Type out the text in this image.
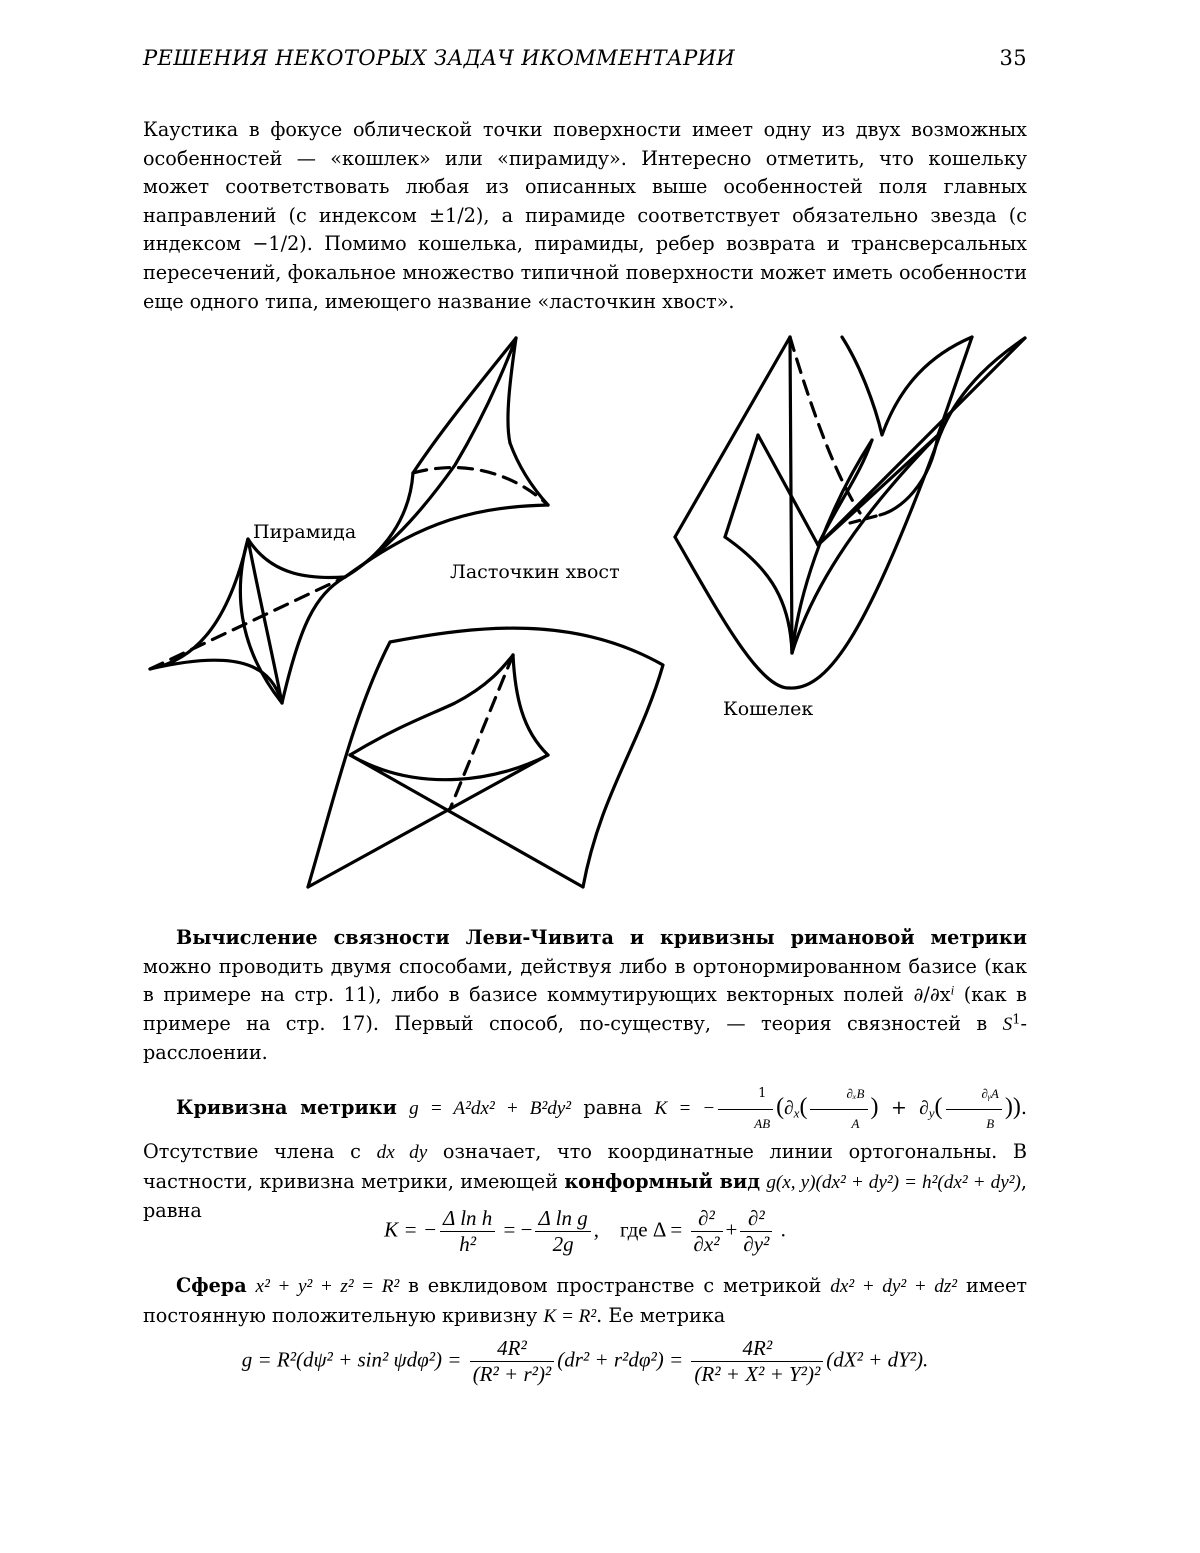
РЕШЕНИЯ НЕКОТОРЫХ ЗАДАЧ ИКОММЕНТАРИИ	35
Каустика в фокусе облической точки поверхности имеет одну из двух возможных особенностей — «кошлек» или «пирамиду». Интересно отметить, что кошельку может соответствовать любая из описанных выше особенностей поля главных направлений (с индексом ±1/2), а пирамиде соответствует обязательно звезда (с индексом −1/2). Помимо кошелька, пирамиды, ребер возврата и трансверсальных пересечений, фокальное множество типичной поверхности может иметь особенности еще одного типа, имеющего название «ласточкин хвост».
Пирамида
Ласточкин хвост
Кошелек
Вычисление связности Леви-Чивита и кривизны римановой метрики можно проводить двумя способами, действуя либо в ортонормированном базисе (как в примере на стр. 11), либо в базисе коммутирующих векторных полей ∂/∂xi (как в примере на стр. 17). Первый способ, по-существу, — теория связностей в S1-расслоении.
Кривизна метрики g = A²dx² + B²dy² равна K = −
1
AB
(∂x(
∂ₓB
A
) + ∂y(
∂ᵧA
B
)). Отсутствие члена с dx dy означает, что координатные линии ортогональны. В частности, кривизна метрики, имеющей конформный вид g(x, y)(dx² + dy²) = h²(dx² + dy²), равна
K = − Δ ln h
h²
= − Δ ln g
2g
, где Δ = ∂²
∂x²
+ ∂²
∂y²
.
Сфера x² + y² + z² = R² в евклидовом пространстве с метрикой dx² + dy² + dz² имеет постоянную положительную кривизну K = R². Ее метрика
g = R²(dψ² + sin² ψdφ²) =	4R²
(R² + r²)²
(dr² + r²dφ²) =	4R²
(R² + X² + Y²)²
(dX² + dY²).
